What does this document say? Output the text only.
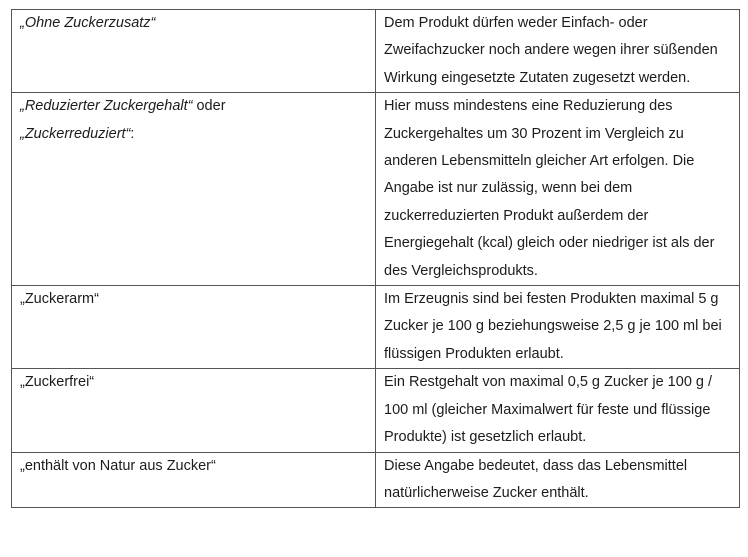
„Ohne Zuckerzusatz“	Dem Produkt dürfen weder Einfach- oder Zweifachzucker noch andere wegen ihrer süßenden Wirkung eingesetzte Zutaten zugesetzt werden.
„Reduzierter Zuckergehalt“ oder
„Zuckerreduziert“:	Hier muss mindestens eine Reduzierung des Zuckergehaltes um 30 Prozent im Vergleich zu anderen Lebensmitteln gleicher Art erfolgen. Die Angabe ist nur zulässig, wenn bei dem zuckerreduzierten Produkt außerdem der Energiegehalt (kcal) gleich oder niedriger ist als der des Vergleichsprodukts.
„Zuckerarm“	Im Erzeugnis sind bei festen Produkten maximal 5 g Zucker je 100 g beziehungsweise 2,5 g je 100 ml bei flüssigen Produkten erlaubt.
„Zuckerfrei“	Ein Restgehalt von maximal 0,5 g Zucker je 100 g / 100 ml (gleicher Maximalwert für feste und flüssige Produkte) ist gesetzlich erlaubt.
„enthält von Natur aus Zucker“	Diese Angabe bedeutet, dass das Lebensmittel natürlicherweise Zucker enthält.
